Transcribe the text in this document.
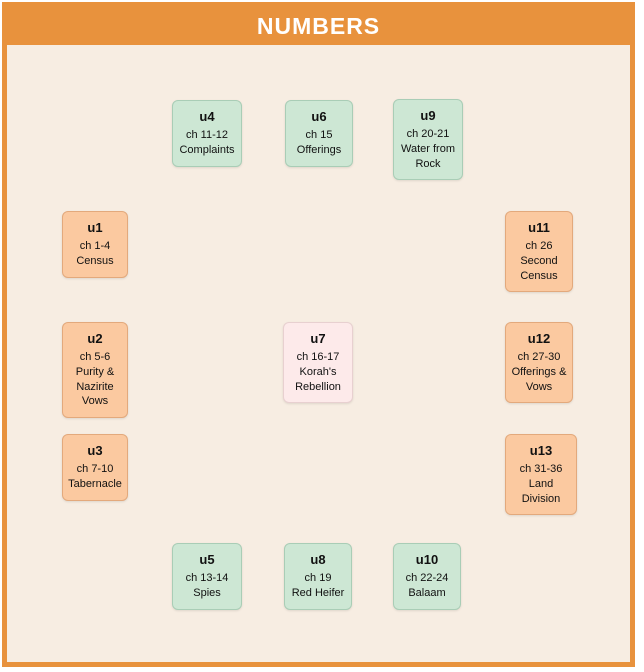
NUMBERS
u1
ch 1-4
Census
u2
ch 5-6
Purity & Nazirite Vows
u3
ch 7-10
Tabernacle
u4
ch 11-12
Complaints
u5
ch 13-14
Spies
u6
ch 15
Offerings
u7
ch 16-17
Korah's Rebellion
u8
ch 19
Red Heifer
u9
ch 20-21
Water from Rock
u10
ch 22-24
Balaam
u11
ch 26
Second Census
u12
ch 27-30
Offerings & Vows
u13
ch 31-36
Land Division
